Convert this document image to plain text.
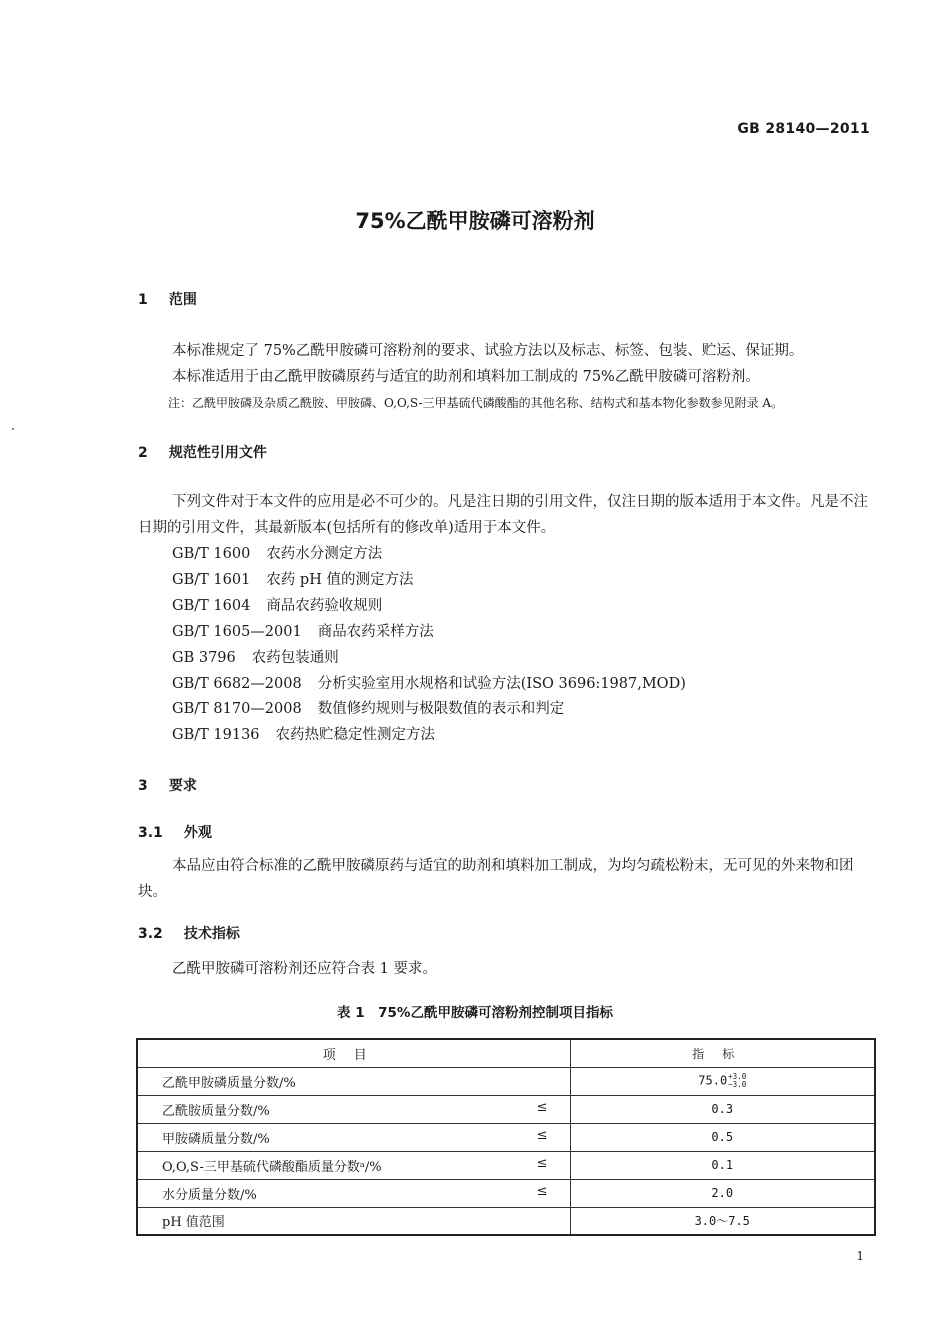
GB 28140—2011
75%乙酰甲胺磷可溶粉剂
1 范围
本标准规定了 75%乙酰甲胺磷可溶粉剂的要求、试验方法以及标志、标签、包装、贮运、保证期。
本标准适用于由乙酰甲胺磷原药与适宜的助剂和填料加工制成的 75%乙酰甲胺磷可溶粉剂。
注：乙酰甲胺磷及杂质乙酰胺、甲胺磷、O,O,S-三甲基硫代磷酸酯的其他名称、结构式和基本物化参数参见附录 A。
2 规范性引用文件
下列文件对于本文件的应用是必不可少的。凡是注日期的引用文件，仅注日期的版本适用于本文件。凡是不注日期的引用文件，其最新版本(包括所有的修改单)适用于本文件。
GB/T 1600 农药水分测定方法
GB/T 1601 农药 pH 值的测定方法
GB/T 1604 商品农药验收规则
GB/T 1605—2001 商品农药采样方法
GB 3796 农药包装通则
GB/T 6682—2008 分析实验室用水规格和试验方法(ISO 3696:1987,MOD)
GB/T 8170—2008 数值修约规则与极限数值的表示和判定
GB/T 19136 农药热贮稳定性测定方法
3 要求
3.1 外观
本品应由符合标准的乙酰甲胺磷原药与适宜的助剂和填料加工制成，为均匀疏松粉末，无可见的外来物和团块。
3.2 技术指标
乙酰甲胺磷可溶粉剂还应符合表 1 要求。
表 1　75%乙酰甲胺磷可溶粉剂控制项目指标
项目	指标

乙酰甲胺磷质量分数/%	75.0 +3.0
−3.0

乙酰胺质量分数/% ≤	0.3

甲胺磷质量分数/% ≤	0.5

O,O,S-三甲基硫代磷酸酯质量分数ᵃ/% ≤	0.1

水分质量分数/% ≤	2.0

pH 值范围	3.0～7.5
1
